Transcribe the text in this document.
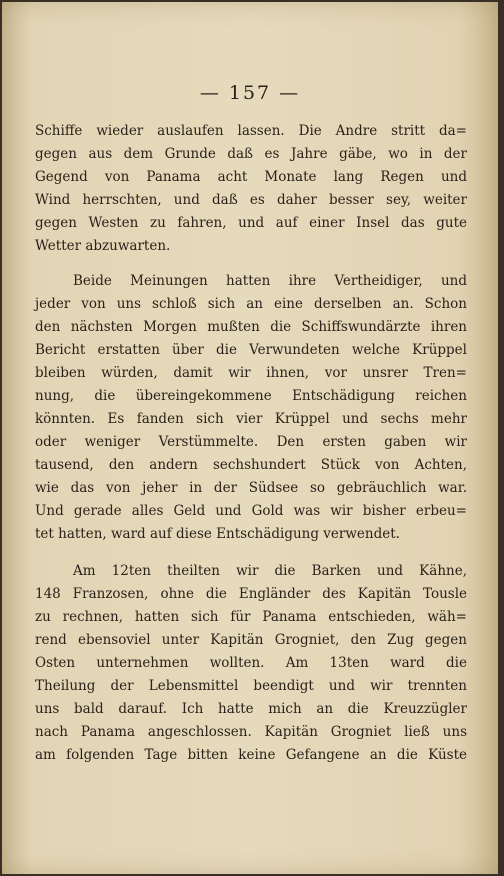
— 157 —
Schiffe wieder auslaufen lassen. Die Andre stritt da=
gegen aus dem Grunde daß es Jahre gäbe, wo in der
Gegend von Panama acht Monate lang Regen und
Wind herrschten, und daß es daher besser sey, weiter
gegen Westen zu fahren, und auf einer Insel das gute
Wetter abzuwarten.
Beide Meinungen hatten ihre Vertheidiger, und
jeder von uns schloß sich an eine derselben an. Schon
den nächsten Morgen mußten die Schiffswundärzte ihren
Bericht erstatten über die Verwundeten welche Krüppel
bleiben würden, damit wir ihnen, vor unsrer Tren=
nung, die übereingekommene Entschädigung reichen
könnten. Es fanden sich vier Krüppel und sechs mehr
oder weniger Verstümmelte. Den ersten gaben wir
tausend, den andern sechshundert Stück von Achten,
wie das von jeher in der Südsee so gebräuchlich war.
Und gerade alles Geld und Gold was wir bisher erbeu=
tet hatten, ward auf diese Entschädigung verwendet.
Am 12ten theilten wir die Barken und Kähne,
148 Franzosen, ohne die Engländer des Kapitän Tousle
zu rechnen, hatten sich für Panama entschieden, wäh=
rend ebensoviel unter Kapitän Grogniet, den Zug gegen
Osten unternehmen wollten. Am 13ten ward die
Theilung der Lebensmittel beendigt und wir trennten
uns bald darauf. Ich hatte mich an die Kreuzzügler
nach Panama angeschlossen. Kapitän Grogniet ließ uns
am folgenden Tage bitten keine Gefangene an die Küste
